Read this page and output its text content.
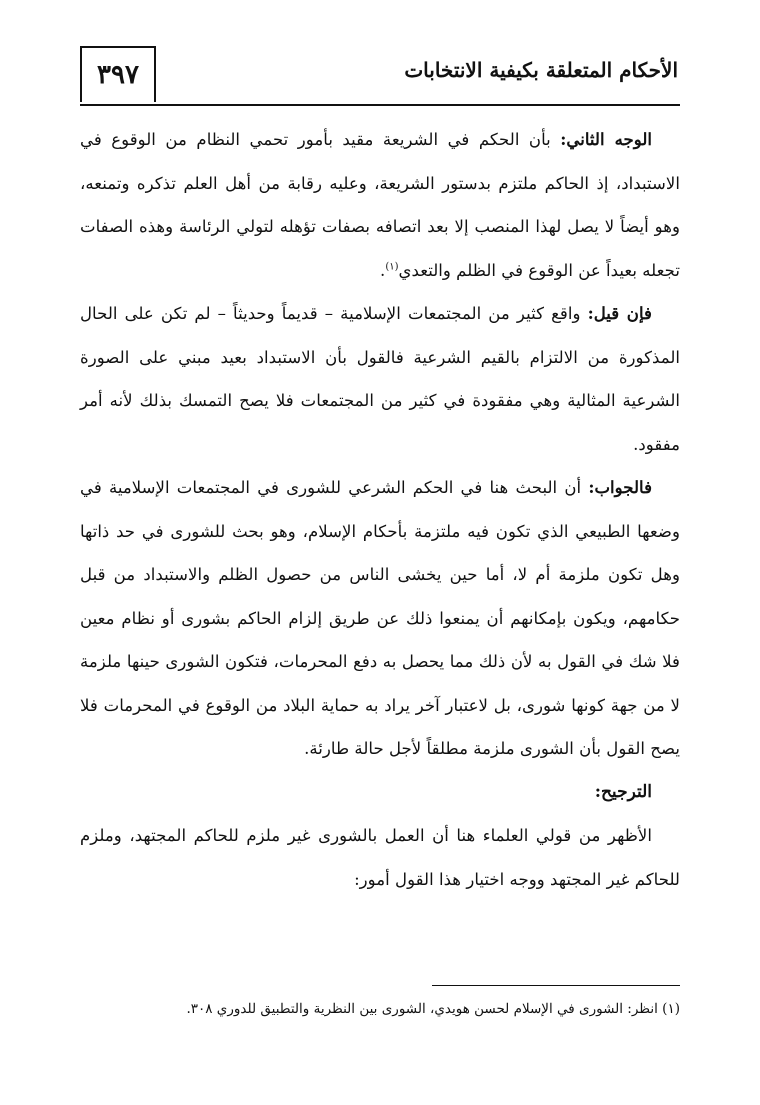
٣٩٧	الأحكام المتعلقة بكيفية الانتخابات

الوجه الثاني: بأن الحكم في الشريعة مقيد بأمور تحمي النظام من الوقوع في الاستبداد، إذ الحاكم ملتزم بدستور الشريعة، وعليه رقابة من أهل العلم تذكره وتمنعه، وهو أيضاً لا يصل لهذا المنصب إلا بعد اتصافه بصفات تؤهله لتولي الرئاسة وهذه الصفات تجعله بعيداً عن الوقوع في الظلم والتعدي$^{(١)}$.

فإن قيل: واقع كثير من المجتمعات الإسلامية – قديماً وحديثاً – لم تكن على الحال المذكورة من الالتزام بالقيم الشرعية فالقول بأن الاستبداد بعيد مبني على الصورة الشرعية المثالية وهي مفقودة في كثير من المجتمعات فلا يصح التمسك بذلك لأنه أمر مفقود.

فالجواب: أن البحث هنا في الحكم الشرعي للشورى في المجتمعات الإسلامية في وضعها الطبيعي الذي تكون فيه ملتزمة بأحكام الإسلام، وهو بحث للشورى في حد ذاتها وهل تكون ملزمة أم لا، أما حين يخشى الناس من حصول الظلم والاستبداد من قبل حكامهم، ويكون بإمكانهم أن يمنعوا ذلك عن طريق إلزام الحاكم بشورى أو نظام معين فلا شك في القول به لأن ذلك مما يحصل به دفع المحرمات، فتكون الشورى حينها ملزمة لا من جهة كونها شورى، بل لاعتبار آخر يراد به حماية البلاد من الوقوع في المحرمات فلا يصح القول بأن الشورى ملزمة مطلقاً لأجل حالة طارئة.

الترجيح:

الأظهر من قولي العلماء هنا أن العمل بالشورى غير ملزم للحاكم المجتهد، وملزم للحاكم غير المجتهد ووجه اختيار هذا القول أمور:

(١) انظر: الشورى في الإسلام لحسن هويدي، الشورى بين النظرية والتطبيق للدوري ٣٠٨.
